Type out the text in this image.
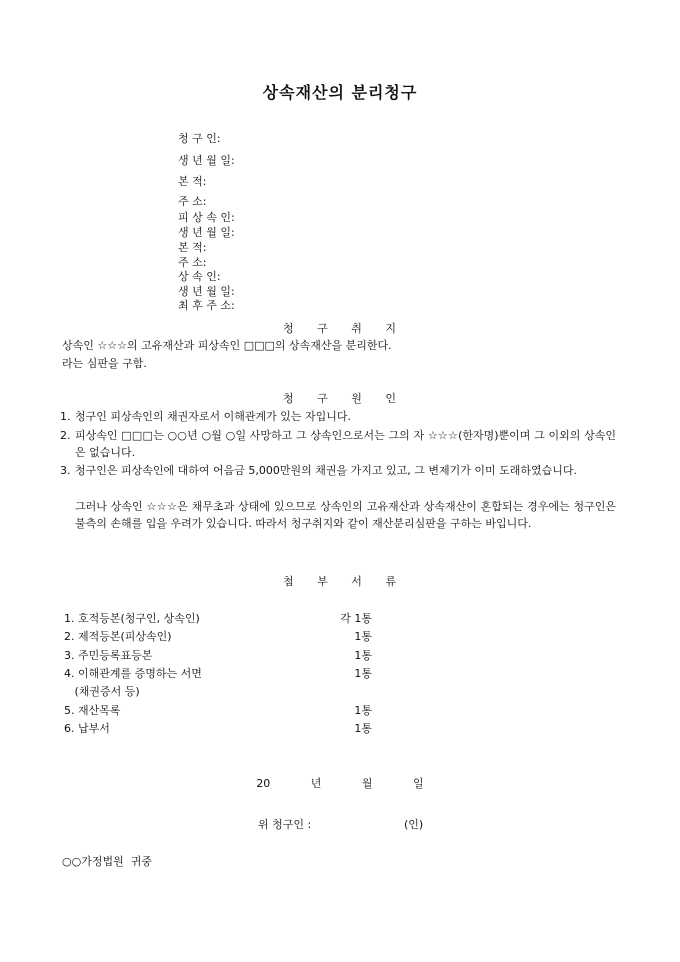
상속재산의 분리청구
청 구 인:
생 년 월 일:
본 적:
주 소:
피 상 속 인:
생 년 월 일:
본 적:
주 소:
상 속 인:
생 년 월 일:
최 후 주 소:
청 구 취 지
상속인 ☆☆☆의 고유재산과 피상속인 □□□의 상속재산을 분리한다.
라는 심판을 구함.
청 구 원 인
1. 청구인 피상속인의 채권자로서 이해관계가 있는 자입니다.
2. 피상속인 □□□는 ○○년 ○월 ○일 사망하고 그 상속인으로서는 그의 자 ☆☆☆(한자명)뿐이며 그 이외의 상속인은 없습니다.
3. 청구인은 피상속인에 대하여 어음금 5,000만원의 채권을 가지고 있고, 그 변제기가 이미 도래하였습니다.
그러나 상속인 ☆☆☆은 채무초과 상태에 있으므로 상속인의 고유재산과 상속재산이 혼합되는 경우에는 청구인은 불측의 손해를 입을 우려가 있습니다. 따라서 청구취지와 같이 재산분리심판을 구하는 바입니다.
첨 부 서 류
1. 호적등본(청구인, 상속인)	각 1통
2. 제적등본(피상속인)	1통
3. 주민등록표등본	1통
4. 이해관계를 증명하는 서면	1통
(채권증서 등)
5. 재산목록	1통
6. 납부서	1통
20   년   월   일
위 청구인 :	(인)
○○가정법원  귀중
